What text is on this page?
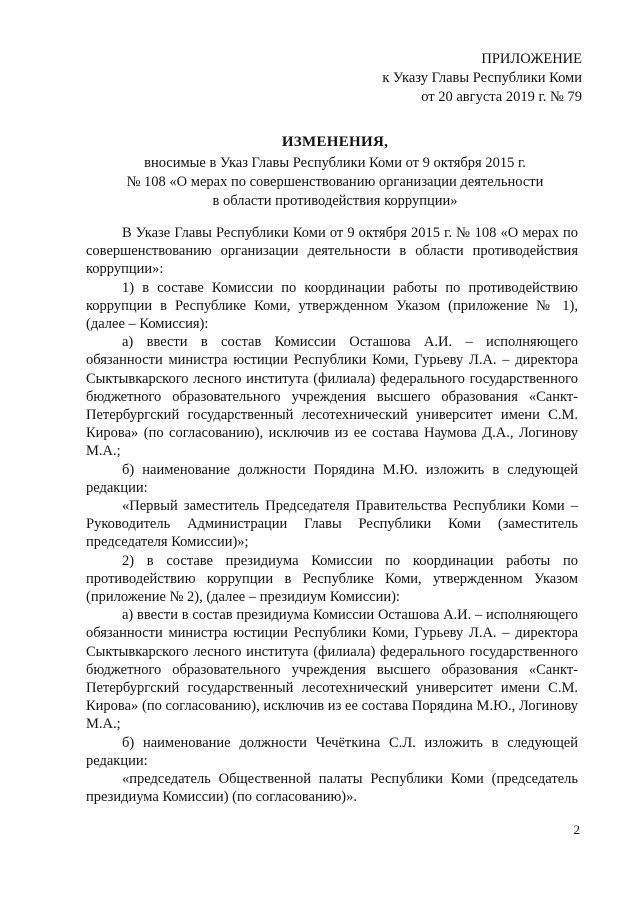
ПРИЛОЖЕНИЕ
к Указу Главы Республики Коми
от 20 августа 2019 г. № 79
ИЗМЕНЕНИЯ,
вносимые в Указ Главы Республики Коми от 9 октября 2015 г.
№ 108 «О мерах по совершенствованию организации деятельности
в области противодействия коррупции»

В Указе Главы Республики Коми от 9 октября 2015 г. № 108 «О мерах по совершенствованию организации деятельности в области противодействия коррупции»:

1) в составе Комиссии по координации работы по противодействию коррупции в Республике Коми, утвержденном Указом (приложение № 1), (далее – Комиссия):

а) ввести в состав Комиссии Осташова А.И. – исполняющего обязанности министра юстиции Республики Коми, Гурьеву Л.А. – директора Сыктывкарского лесного института (филиала) федерального государственного бюджетного образовательного учреждения высшего образования «Санкт-Петербургский государственный лесотехнический университет имени С.М. Кирова» (по согласованию), исключив из ее состава Наумова Д.А., Логинову М.А.;

б) наименование должности Порядина М.Ю. изложить в следующей редакции:

«Первый заместитель Председателя Правительства Республики Коми – Руководитель Администрации Главы Республики Коми (заместитель председателя Комиссии)»;

2) в составе президиума Комиссии по координации работы по противодействию коррупции в Республике Коми, утвержденном Указом (приложение № 2), (далее – президиум Комиссии):

а) ввести в состав президиума Комиссии Осташова А.И. – исполняющего обязанности министра юстиции Республики Коми, Гурьеву Л.А. – директора Сыктывкарского лесного института (филиала) федерального государственного бюджетного образовательного учреждения высшего образования «Санкт-Петербургский государственный лесотехнический университет имени С.М. Кирова» (по согласованию), исключив из ее состава Порядина М.Ю., Логинову М.А.;

б) наименование должности Чечёткина С.Л. изложить в следующей редакции:

«председатель Общественной палаты Республики Коми (председатель президиума Комиссии) (по согласованию)».

2
